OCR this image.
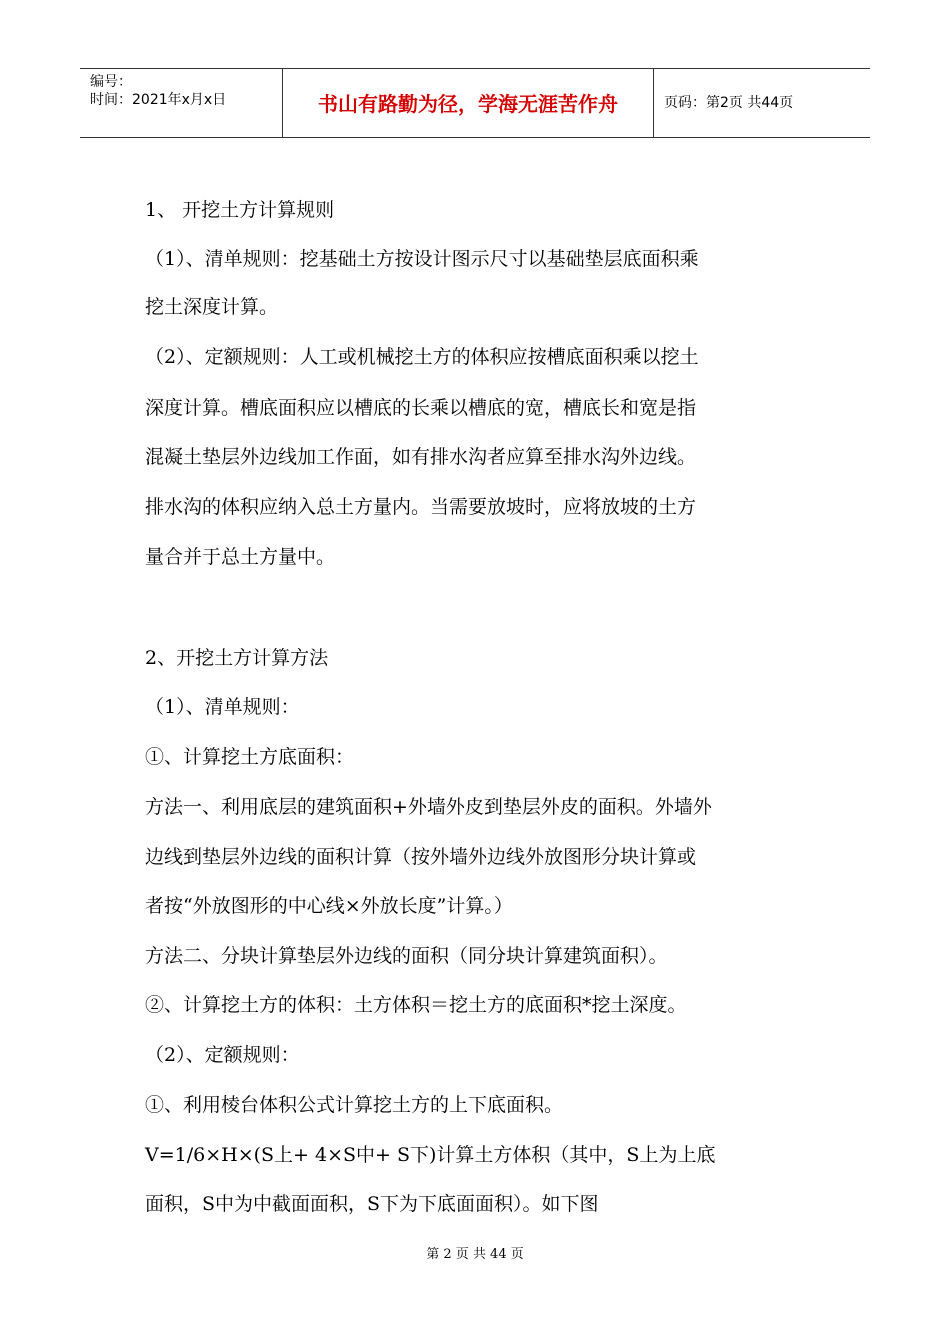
编号：
时间：2021年x月x日	书山有路勤为径，学海无涯苦作舟	页码：第2页 共44页
1、 开挖土方计算规则
（1）、清单规则：挖基础土方按设计图示尺寸以基础垫层底面积乘
挖土深度计算。
（2）、定额规则：人工或机械挖土方的体积应按槽底面积乘以挖土
深度计算。槽底面积应以槽底的长乘以槽底的宽，槽底长和宽是指
混凝土垫层外边线加工作面，如有排水沟者应算至排水沟外边线。
排水沟的体积应纳入总土方量内。当需要放坡时，应将放坡的土方
量合并于总土方量中。
2、开挖土方计算方法
（1）、清单规则：
①、计算挖土方底面积：
方法一、利用底层的建筑面积+外墙外皮到垫层外皮的面积。外墙外
边线到垫层外边线的面积计算（按外墙外边线外放图形分块计算或
者按“外放图形的中心线×外放长度”计算。）
方法二、分块计算垫层外边线的面积（同分块计算建筑面积）。
②、计算挖土方的体积：土方体积＝挖土方的底面积*挖土深度。
（2）、定额规则：
①、利用棱台体积公式计算挖土方的上下底面积。
V=1/6×H×(S上+ 4×S中+ S下)计算土方体积（其中，S上为上底
面积，S中为中截面面积，S下为下底面面积）。如下图
第 2 页 共 44 页
